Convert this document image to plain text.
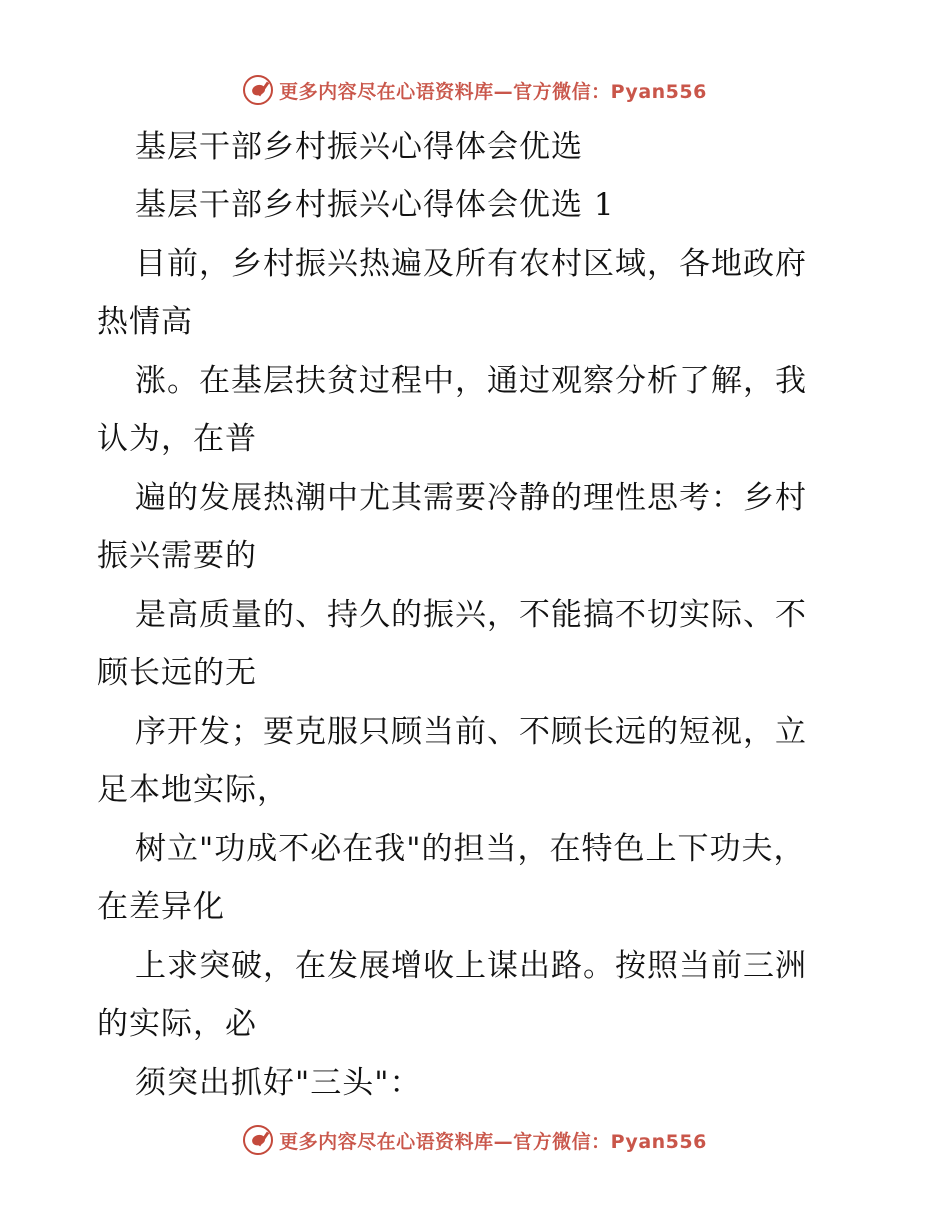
更多内容尽在心语资料库—官方微信：Pyan556

基层干部乡村振兴心得体会优选

基层干部乡村振兴心得体会优选 1

目前，乡村振兴热遍及所有农村区域，各地政府

热情高

涨。在基层扶贫过程中，通过观察分析了解，我

认为，在普

遍的发展热潮中尤其需要冷静的理性思考：乡村

振兴需要的

是高质量的、持久的振兴，不能搞不切实际、不

顾长远的无

序开发；要克服只顾当前、不顾长远的短视，立

足本地实际，

树立"功成不必在我"的担当，在特色上下功夫，

在差异化

上求突破，在发展增收上谋出路。按照当前三洲

的实际，必

须突出抓好"三头"：

更多内容尽在心语资料库—官方微信：Pyan556
